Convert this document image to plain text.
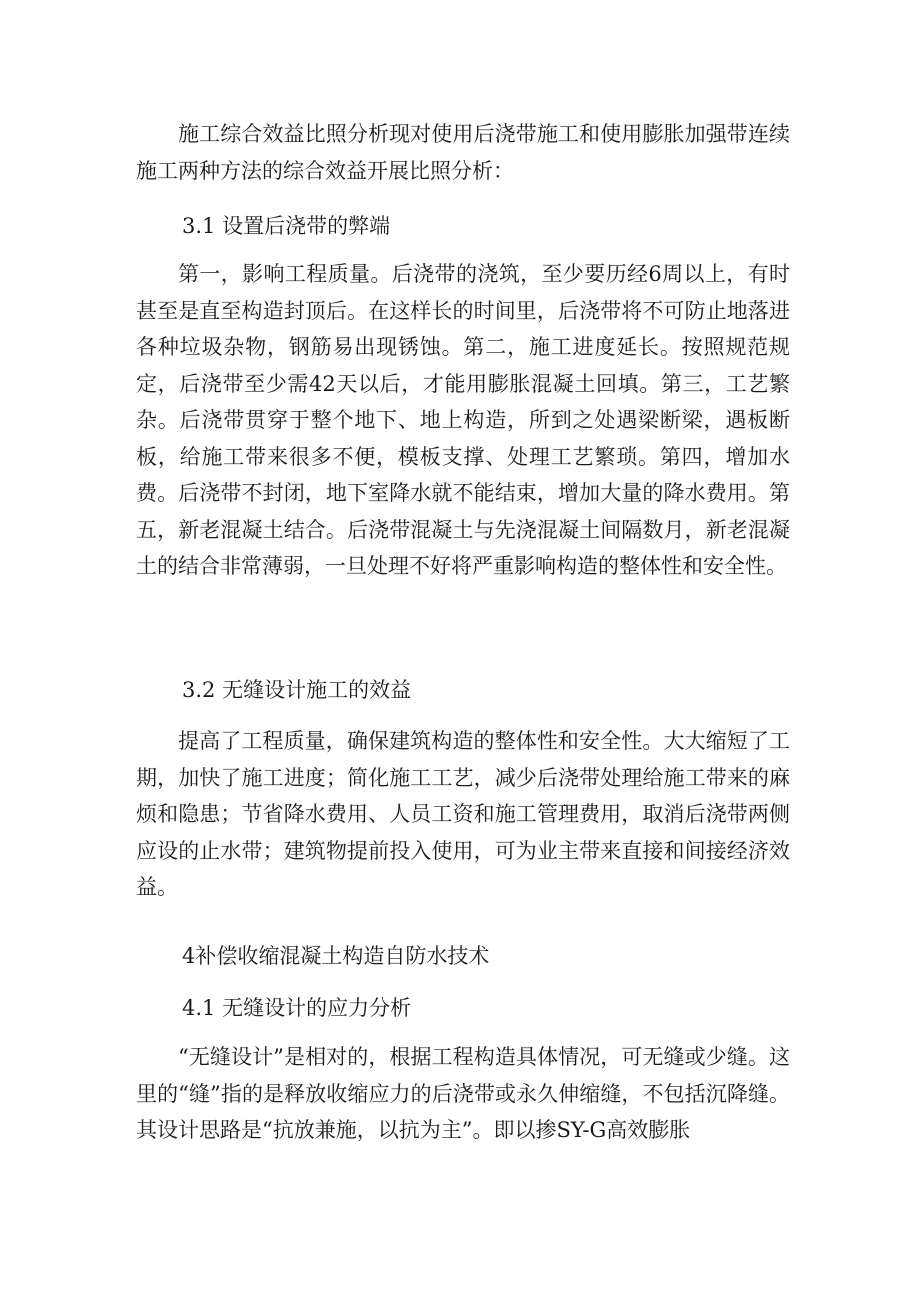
施工综合效益比照分析现对使用后浇带施工和使用膨胀加强带连续施工两种方法的综合效益开展比照分析：

3.1 设置后浇带的弊端

第一，影响工程质量。后浇带的浇筑，至少要历经6周以上，有时甚至是直至构造封顶后。在这样长的时间里，后浇带将不可防止地落进各种垃圾杂物，钢筋易出现锈蚀。第二，施工进度延长。按照规范规定，后浇带至少需42天以后，才能用膨胀混凝土回填。第三，工艺繁杂。后浇带贯穿于整个地下、地上构造，所到之处遇梁断梁，遇板断板，给施工带来很多不便，模板支撑、处理工艺繁琐。第四，增加水费。后浇带不封闭，地下室降水就不能结束，增加大量的降水费用。第五，新老混凝土结合。后浇带混凝土与先浇混凝土间隔数月，新老混凝土的结合非常薄弱，一旦处理不好将严重影响构造的整体性和安全性。

3.2 无缝设计施工的效益

提高了工程质量，确保建筑构造的整体性和安全性。大大缩短了工期，加快了施工进度；简化施工工艺，减少后浇带处理给施工带来的麻烦和隐患；节省降水费用、人员工资和施工管理费用，取消后浇带两侧应设的止水带；建筑物提前投入使用，可为业主带来直接和间接经济效益。

4补偿收缩混凝土构造自防水技术

4.1 无缝设计的应力分析

“无缝设计”是相对的，根据工程构造具体情况，可无缝或少缝。这里的“缝”指的是释放收缩应力的后浇带或永久伸缩缝，不包括沉降缝。其设计思路是“抗放兼施，以抗为主”。即以掺SY-G高效膨胀
